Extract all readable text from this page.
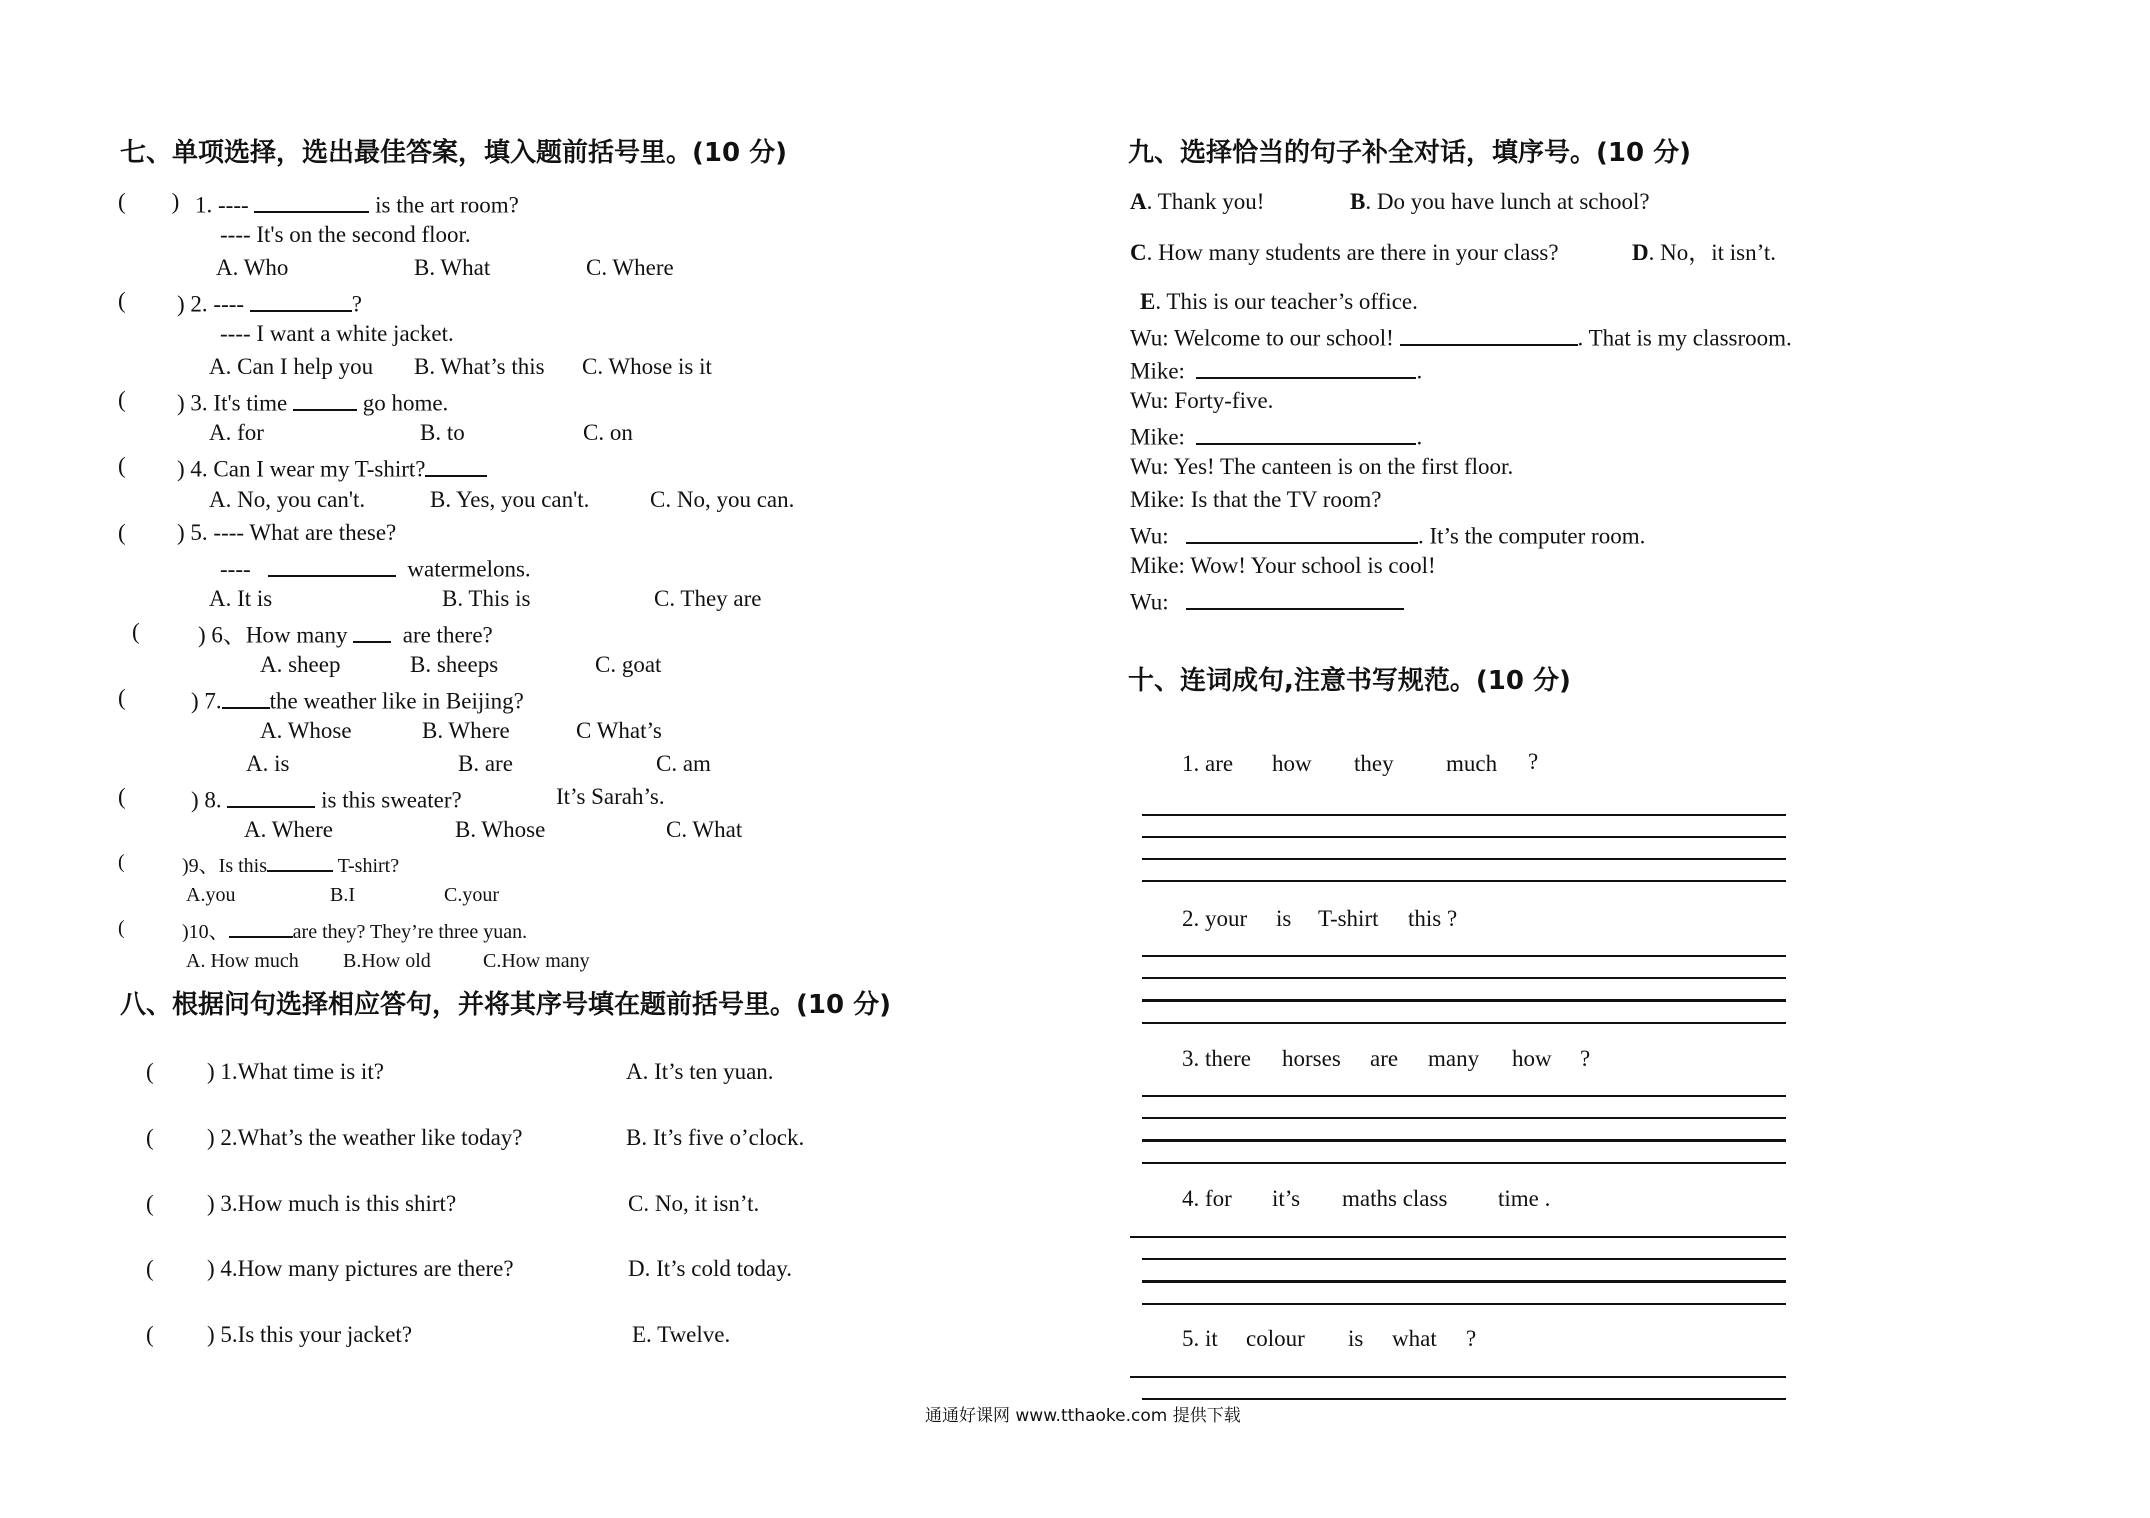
七、单项选择，选出最佳答案，填入题前括号里。(10 分)
(        ) 1. ----	is the art room?
---- It's on the second floor.
A. Who	B. What	C. Where
( ) 2. ----	?
---- I want a white jacket.
A. Can I help you B. What’s this C. Whose is it
( ) 3. It's time	go home.
A. for	B. to	C. on
( ) 4. Can I wear my T-shirt?
A. No, you can't.	B. Yes, you can't.	C. No, you can.
( ) 5. ---- What are these?
----	watermelons.
A. It is	B. This is	C. They are
(	) 6、How many are there?
A. sheep	B. sheeps	C. goat
(	) 7. the weather like in Beijing?
A. Whose	B. Where	C What’s
A. is	B. are	C. am
(	) 8.	is this sweater?	It’s Sarah’s.
A. Where	B. Whose	C. What
(	)9、Is this	T-shirt?
A.you	B.I	C.your
(	)10、	are they? They’re three yuan.
A. How much B.How old	C.How many
八、根据问句选择相应答句，并将其序号填在题前括号里。(10 分)
( ) 1.What time is it?	A. It’s ten yuan.
( ) 2.What’s the weather like today?	B. It’s five o’clock.
( ) 3.How much is this shirt?	C. No, it isn’t.
( ) 4.How many pictures are there?	D. It’s cold today.
( ) 5.Is this your jacket?	E. Twelve.
九、选择恰当的句子补全对话，填序号。(10 分)
A. Thank you!	B. Do you have lunch at school?
C. How many students are there in your class?	D. No，it isn’t.
E. This is our teacher’s office.
Wu: Welcome to our school!	. That is my classroom.
Mike:	.
Wu: Forty-five.
Mike:	.
Wu: Yes! The canteen is on the first floor.
Mike: Is that the TV room?
Wu:	. It’s the computer room.
Mike: Wow! Your school is cool!
Wu:
十、连词成句,注意书写规范。(10 分)
1. are how they much ?
2. your is T-shirt this ?
3. there horses are many how ?
4. for it’s maths class time .
5. it colour is what ?
通通好课网 www.tthaoke.com 提供下载
